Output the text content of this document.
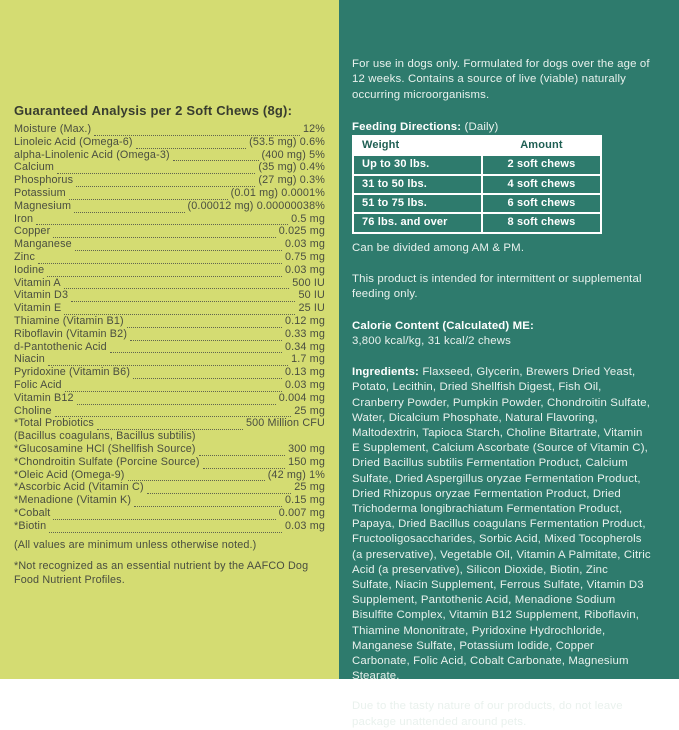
Guaranteed Analysis per 2 Soft Chews (8g):
Moisture (Max.)	12%
Linoleic Acid (Omega-6)	(53.5 mg) 0.6%
alpha-Linolenic Acid (Omega-3)	(400 mg) 5%
Calcium	(35 mg) 0.4%
Phosphorus	(27 mg) 0.3%
Potassium	(0.01 mg) 0.0001%
Magnesium	(0.00012 mg) 0.00000038%
Iron	0.5 mg
Copper	0.025 mg
Manganese	0.03 mg
Zinc	0.75 mg
Iodine	0.03 mg
Vitamin A	500 IU
Vitamin D3	50 IU
Vitamin E	25 IU
Thiamine (Vitamin B1)	0.12 mg
Riboflavin (Vitamin B2)	0.33 mg
d-Pantothenic Acid	0.34 mg
Niacin	1.7 mg
Pyridoxine (Vitamin B6)	0.13 mg
Folic Acid	0.03 mg
Vitamin B12	0.004 mg
Choline	25 mg
*Total Probiotics	500 Million CFU
(Bacillus coagulans, Bacillus subtilis)
*Glucosamine HCl (Shellfish Source)	300 mg
*Chondroitin Sulfate (Porcine Source)	150 mg
*Oleic Acid (Omega-9)	(42 mg) 1%
*Ascorbic Acid (Vitamin C)	25 mg
*Menadione (Vitamin K)	0.15 mg
*Cobalt	0.007 mg
*Biotin	0.03 mg

(All values are minimum unless otherwise noted.)

*Not recognized as an essential nutrient by the AAFCO Dog Food Nutrient Profiles.

For use in dogs only. Formulated for dogs over the age of 12 weeks. Contains a source of live (viable) naturally occurring microorganisms.

Feeding Directions: (Daily)

Weight	Amount
Up to 30 lbs.	2 soft chews
31 to 50 lbs.	4 soft chews
51 to 75 lbs.	6 soft chews
76 lbs. and over	8 soft chews

Can be divided among AM & PM.

This product is intended for intermittent or supplemental feeding only.

Calorie Content (Calculated) ME:

3,800 kcal/kg, 31 kcal/2 chews

Ingredients: Flaxseed, Glycerin, Brewers Dried Yeast, Potato, Lecithin, Dried Shellfish Digest, Fish Oil, Cranberry Powder, Pumpkin Powder, Chondroitin Sulfate, Water, Dicalcium Phosphate, Natural Flavoring, Maltodextrin, Tapioca Starch, Choline Bitartrate, Vitamin E Supplement, Calcium Ascorbate (Source of Vitamin C), Dried Bacillus subtilis Fermentation Product, Calcium Sulfate, Dried Aspergillus oryzae Fermentation Product, Dried Rhizopus oryzae Fermentation Product, Dried Trichoderma longibrachiatum Fermentation Product, Papaya, Dried Bacillus coagulans Fermentation Product, Fructooligosaccharides, Sorbic Acid, Mixed Tocopherols (a preservative), Vegetable Oil, Vitamin A Palmitate, Citric Acid (a preservative), Silicon Dioxide, Biotin, Zinc Sulfate, Niacin Supplement, Ferrous Sulfate, Vitamin D3 Supplement, Pantothenic Acid, Menadione Sodium Bisulfite Complex, Vitamin B12 Supplement, Riboflavin, Thiamine Mononitrate, Pyridoxine Hydrochloride, Manganese Sulfate, Potassium Iodide, Copper Carbonate, Folic Acid, Cobalt Carbonate, Magnesium Stearate.

Due to the tasty nature of our products, do not leave package unattended around pets.
